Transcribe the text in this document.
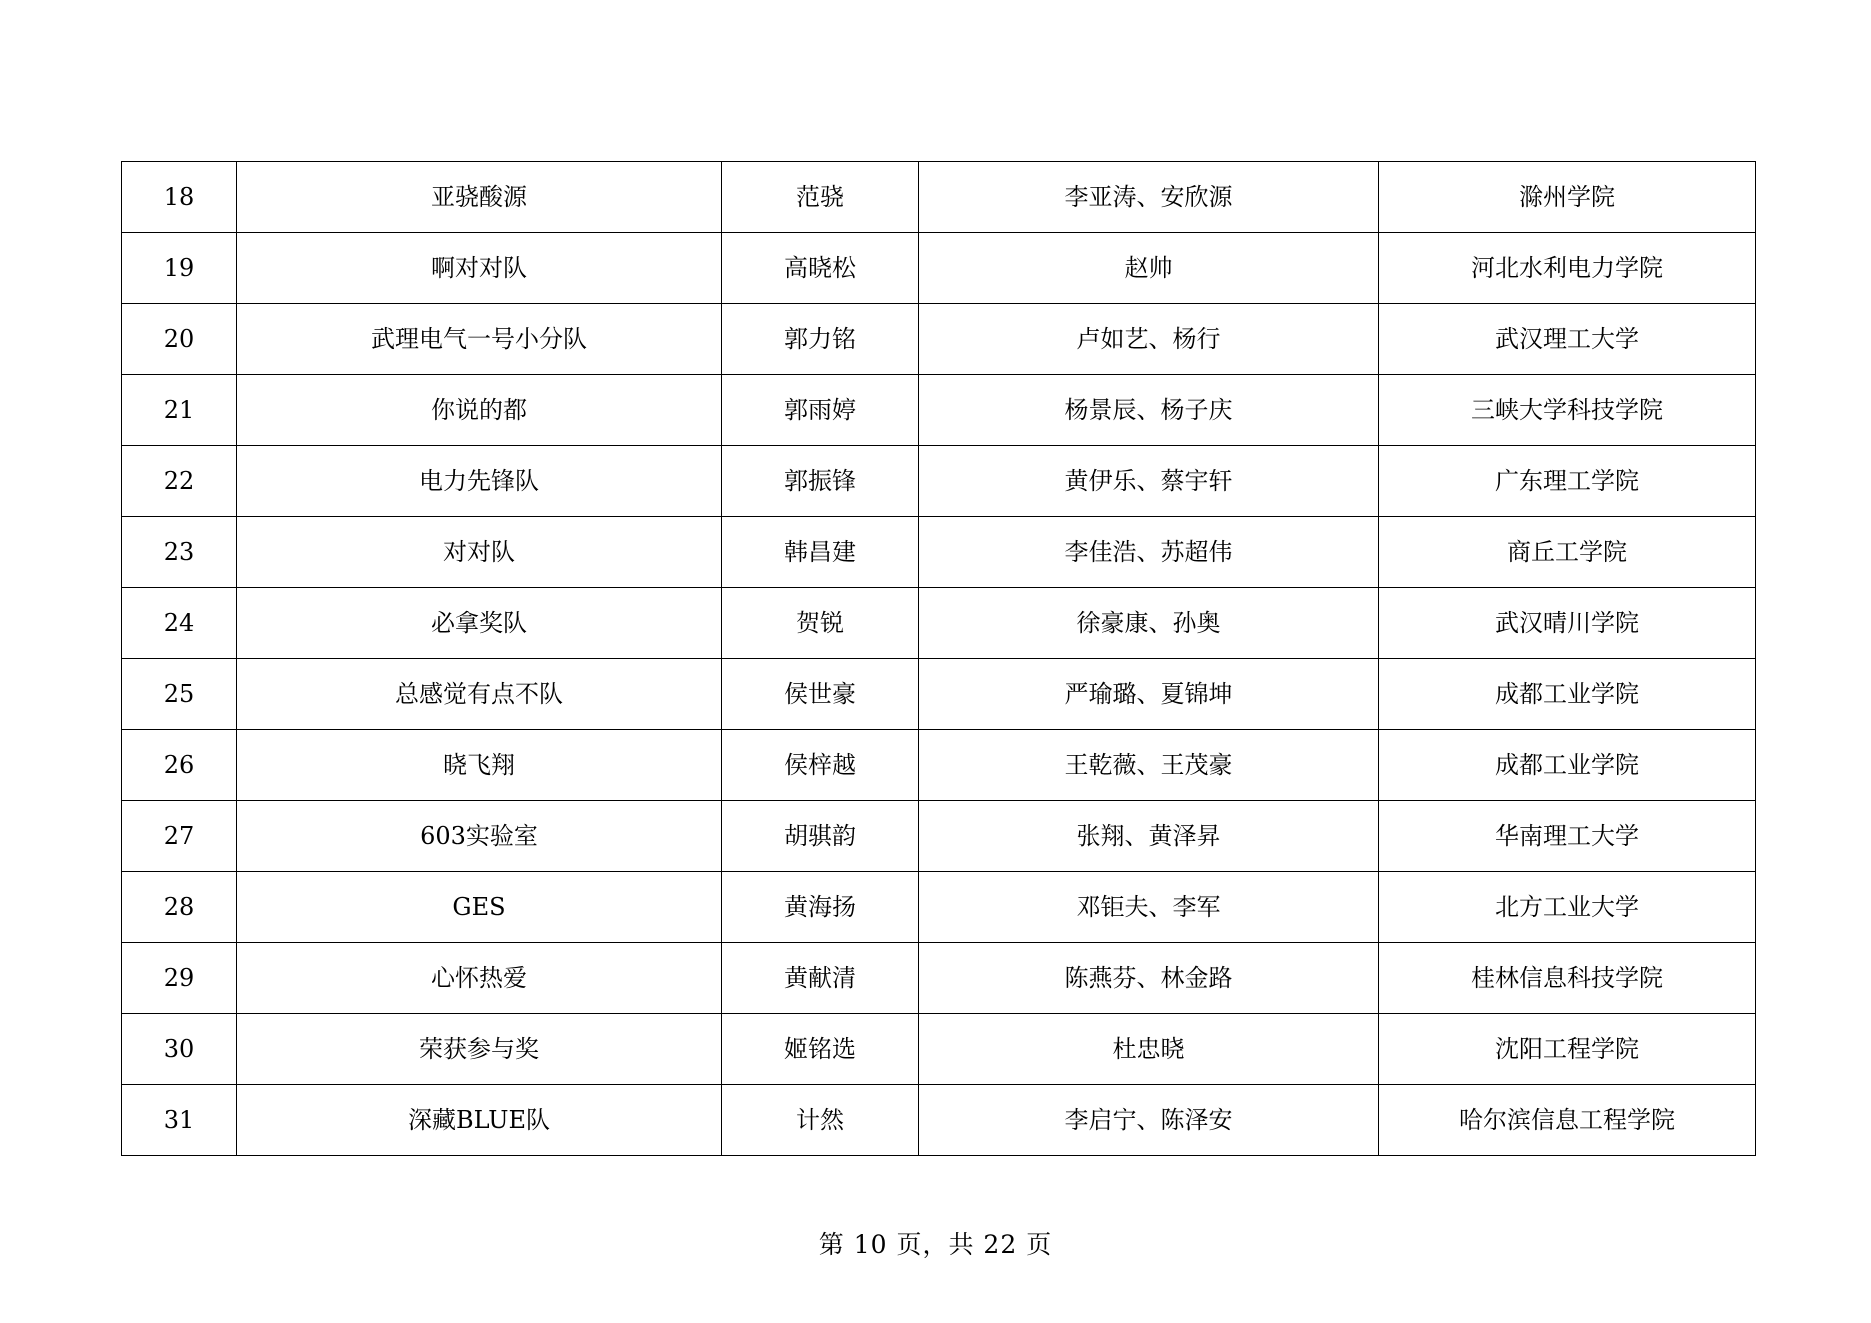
18	亚骁酸源	范骁	李亚涛、安欣源	滁州学院
19	啊对对队	高晓松	赵帅	河北水利电力学院
20	武理电气一号小分队	郭力铭	卢如艺、杨行	武汉理工大学
21	你说的都	郭雨婷	杨景辰、杨子庆	三峡大学科技学院
22	电力先锋队	郭振锋	黄伊乐、蔡宇轩	广东理工学院
23	对对队	韩昌建	李佳浩、苏超伟	商丘工学院
24	必拿奖队	贺锐	徐豪康、孙奥	武汉晴川学院
25	总感觉有点不队	侯世豪	严瑜璐、夏锦坤	成都工业学院
26	晓飞翔	侯梓越	王乾薇、王茂豪	成都工业学院
27	603实验室	胡骐韵	张翔、黄泽昇	华南理工大学
28	GES	黄海扬	邓钜夫、李军	北方工业大学
29	心怀热爱	黄献清	陈燕芬、林金路	桂林信息科技学院
30	荣获参与奖	姬铭选	杜忠晓	沈阳工程学院
31	深藏BLUE队	计然	李启宁、陈泽安	哈尔滨信息工程学院
第 10 页，共 22 页
